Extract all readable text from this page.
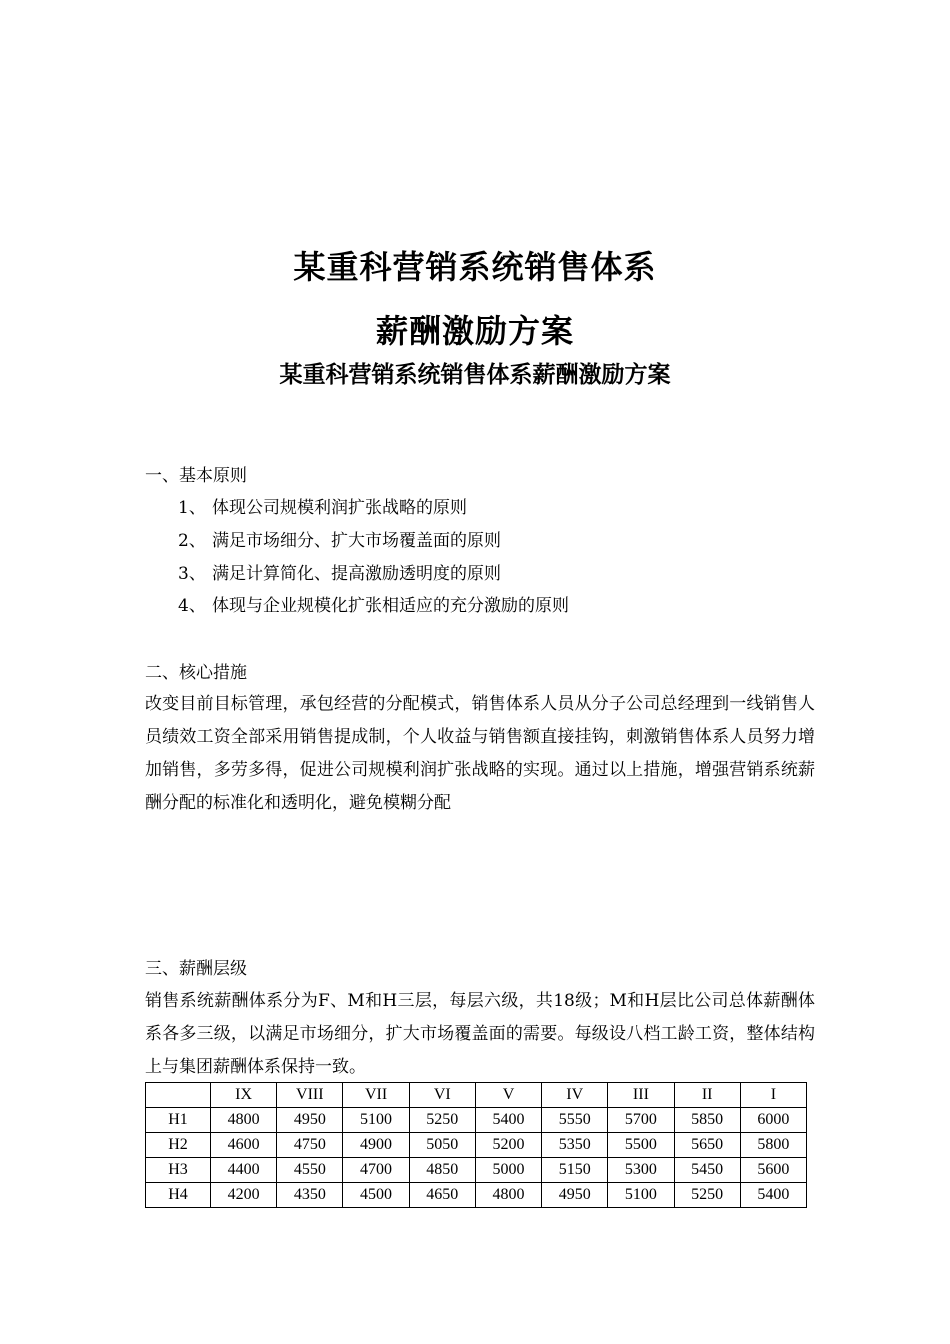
某重科营销系统销售体系
薪酬激励方案
某重科营销系统销售体系薪酬激励方案
一、基本原则
1、 体现公司规模利润扩张战略的原则
2、 满足市场细分、扩大市场覆盖面的原则
3、 满足计算简化、提高激励透明度的原则
4、 体现与企业规模化扩张相适应的充分激励的原则
二、核心措施
改变目前目标管理，承包经营的分配模式，销售体系人员从分子公司总经理到一线销售人员绩效工资全部采用销售提成制，个人收益与销售额直接挂钩，刺激销售体系人员努力增加销售，多劳多得，促进公司规模利润扩张战略的实现。通过以上措施，增强营销系统薪酬分配的标准化和透明化，避免模糊分配
三、薪酬层级
销售系统薪酬体系分为F、M和H三层，每层六级，共18级；M和H层比公司总体薪酬体系各多三级，以满足市场细分，扩大市场覆盖面的需要。每级设八档工龄工资，整体结构上与集团薪酬体系保持一致。
	IX	VIII	VII	VI	V	IV	III	II	I
H1	4800	4950	5100	5250	5400	5550	5700	5850	6000
H2	4600	4750	4900	5050	5200	5350	5500	5650	5800
H3	4400	4550	4700	4850	5000	5150	5300	5450	5600
H4	4200	4350	4500	4650	4800	4950	5100	5250	5400
